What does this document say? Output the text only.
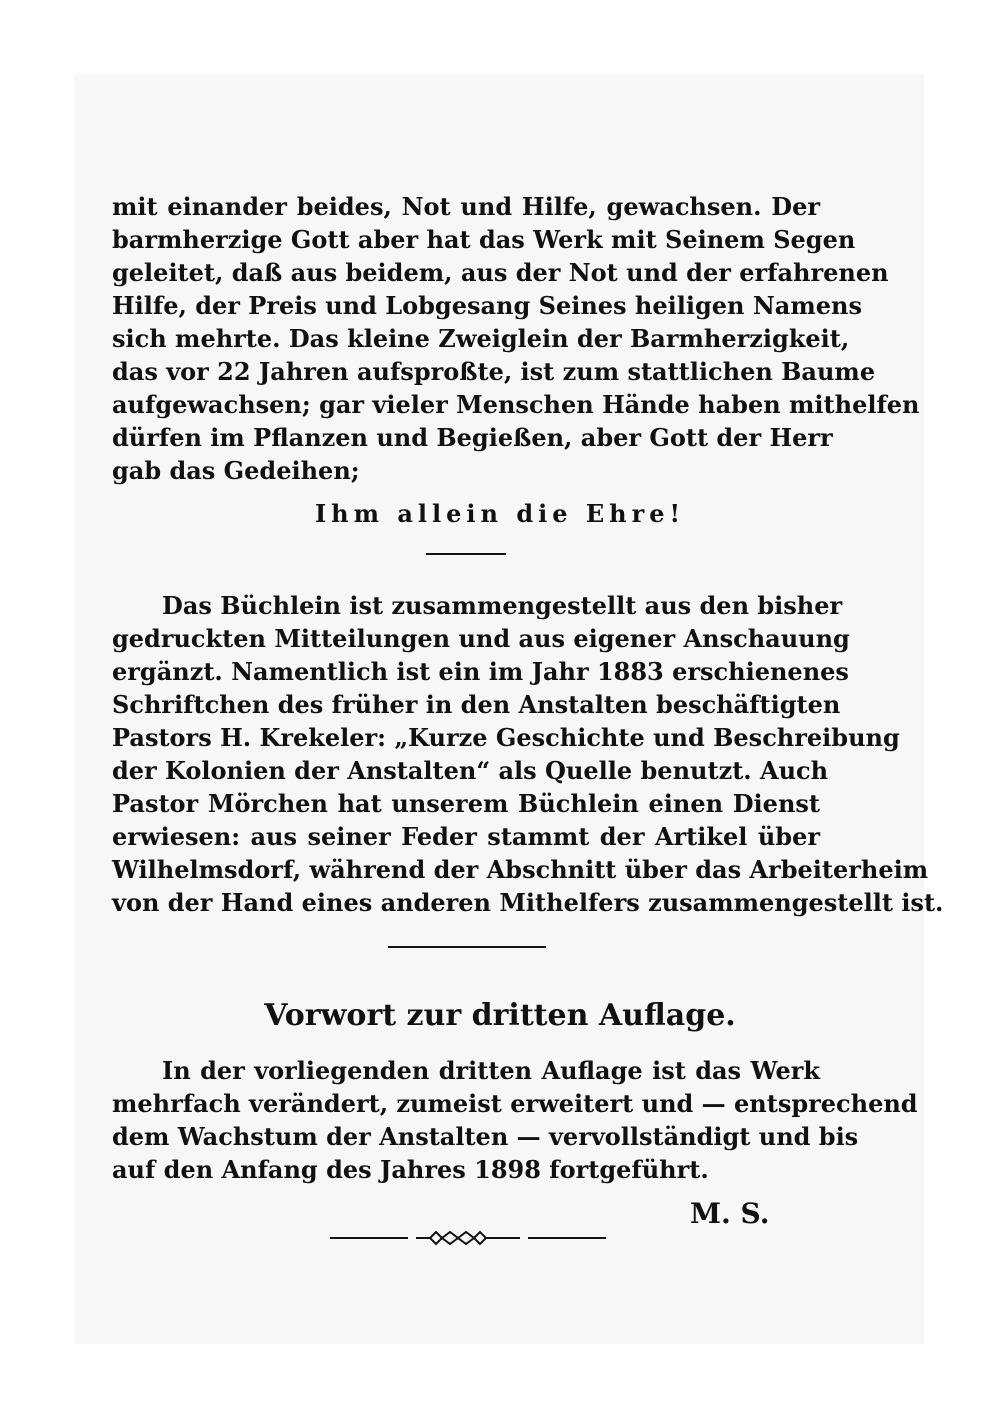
mit einander beides, Not und Hilfe, gewachsen. Der
barmherzige Gott aber hat das Werk mit Seinem Segen
geleitet, daß aus beidem, aus der Not und der erfahrenen
Hilfe, der Preis und Lobgesang Seines heiligen Namens
sich mehrte. Das kleine Zweiglein der Barmherzigkeit,
das vor 22 Jahren aufsproßte, ist zum stattlichen Baume
aufgewachsen; gar vieler Menschen Hände haben mithelfen
dürfen im Pflanzen und Begießen, aber Gott der Herr
gab das Gedeihen;
Ihm allein die Ehre!
Das Büchlein ist zusammengestellt aus den bisher
gedruckten Mitteilungen und aus eigener Anschauung
ergänzt. Namentlich ist ein im Jahr 1883 erschienenes
Schriftchen des früher in den Anstalten beschäftigten
Pastors H. Krekeler: „Kurze Geschichte und Beschreibung
der Kolonien der Anstalten“ als Quelle benutzt. Auch
Pastor Mörchen hat unserem Büchlein einen Dienst
erwiesen: aus seiner Feder stammt der Artikel über
Wilhelmsdorf, während der Abschnitt über das Arbeiterheim
von der Hand eines anderen Mithelfers zusammengestellt ist.
Vorwort zur dritten Auflage.
In der vorliegenden dritten Auflage ist das Werk
mehrfach verändert, zumeist erweitert und — entsprechend
dem Wachstum der Anstalten — vervollständigt und bis
auf den Anfang des Jahres 1898 fortgeführt.
M. S.
